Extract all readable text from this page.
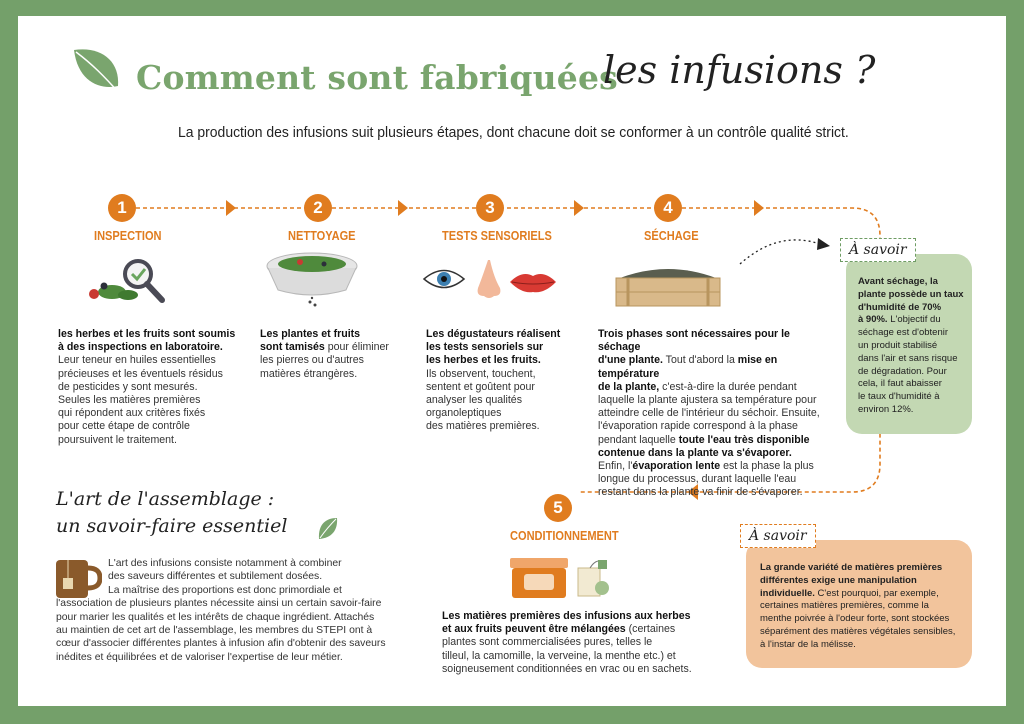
Comment sont fabriquées
les infusions ?
La production des infusions suit plusieurs étapes, dont chacune doit se conformer à un contrôle qualité strict.
1
INSPECTION
2
NETTOYAGE
3
TESTS SENSORIELS
4
SÉCHAGE
5
CONDITIONNEMENT
les herbes et les fruits sont soumis
à des inspections en laboratoire.
Leur teneur en huiles essentielles
précieuses et les éventuels résidus
de pesticides y sont mesurés.
Seules les matières premières
qui répondent aux critères fixés
pour cette étape de contrôle
poursuivent le traitement.
Les plantes et fruits
sont tamisés pour éliminer
les pierres ou d'autres
matières étrangères.
Les dégustateurs réalisent
les tests sensoriels sur
les herbes et les fruits.
Ils observent, touchent,
sentent et goûtent pour
analyser les qualités
organoleptiques
des matières premières.
Trois phases sont nécessaires pour le séchage
d'une plante. Tout d'abord la mise en température
de la plante, c'est-à-dire la durée pendant
laquelle la plante ajustera sa température pour
atteindre celle de l'intérieur du séchoir. Ensuite,
l'évaporation rapide correspond à la phase
pendant laquelle toute l'eau très disponible
contenue dans la plante va s'évaporer.
Enfin, l'évaporation lente est la phase la plus
longue du processus, durant laquelle l'eau
restant dans la plante va finir de s'évaporer.
Les matières premières des infusions aux herbes
et aux fruits peuvent être mélangées (certaines
plantes sont commercialisées pures, telles le
tilleul, la camomille, la verveine, la menthe etc.) et
soigneusement conditionnées en vrac ou en sachets.
À savoir
Avant séchage, la
plante possède un taux
d'humidité de 70%
à 90%. L'objectif du
séchage est d'obtenir
un produit stabilisé
dans l'air et sans risque
de dégradation. Pour
cela, il faut abaisser
le taux d'humidité à
environ 12%.
À savoir
La grande variété de matières premières
différentes exige une manipulation
individuelle. C'est pourquoi, par exemple,
certaines matières premières, comme la
menthe poivrée à l'odeur forte, sont stockées
séparément des matières végétales sensibles,
à l'instar de la mélisse.
L'art de l'assemblage :
un savoir-faire essentiel
L'art des infusions consiste notamment à combiner
des saveurs différentes et subtilement dosées.
La maîtrise des proportions est donc primordiale et
l'association de plusieurs plantes nécessite ainsi un certain savoir-faire
pour marier les qualités et les intérêts de chaque ingrédient. Attachés
au maintien de cet art de l'assemblage, les membres du STEPI ont à
cœur d'associer différentes plantes à infusion afin d'obtenir des saveurs
inédites et équilibrées et de valoriser l'expertise de leur métier.
